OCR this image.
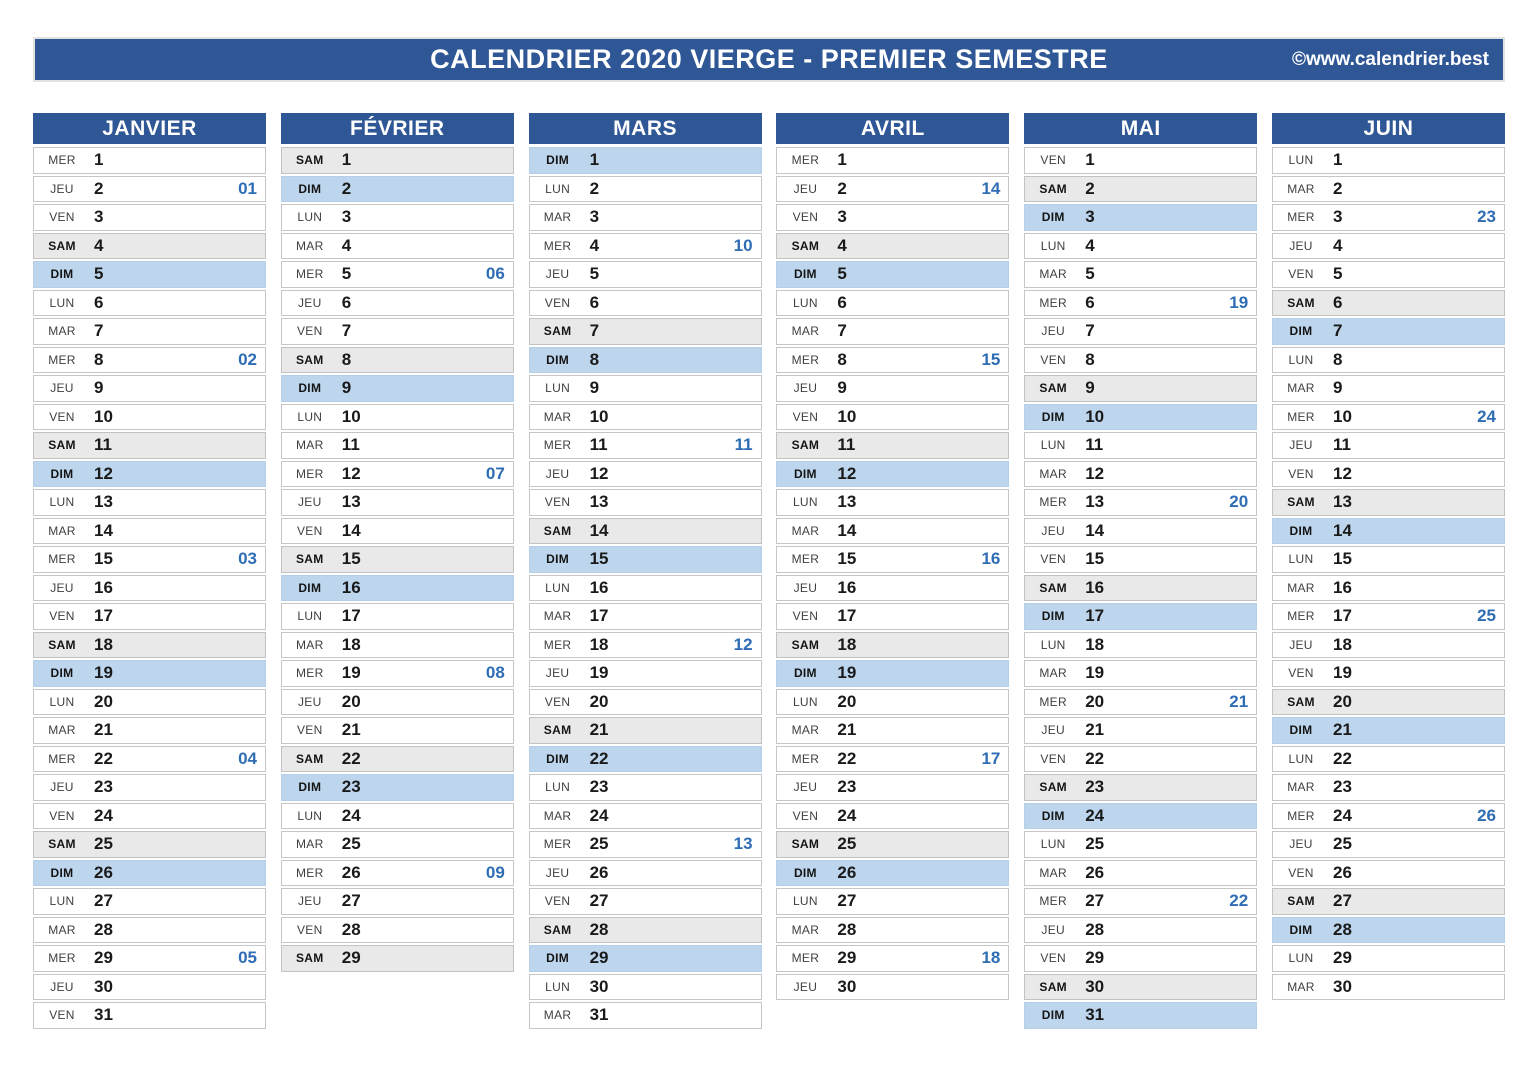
CALENDRIER 2020 VIERGE - PREMIER SEMESTRE	©www.calendrier.best
JANVIER
MER	1
JEU	2	01
VEN	3
SAM	4
DIM	5
LUN	6
MAR	7
MER	8	02
JEU	9
VEN	10
SAM	11
DIM	12
LUN	13
MAR	14
MER	15	03
JEU	16
VEN	17
SAM	18
DIM	19
LUN	20
MAR	21
MER	22	04
JEU	23
VEN	24
SAM	25
DIM	26
LUN	27
MAR	28
MER	29	05
JEU	30
VEN	31
FÉVRIER
SAM	1
DIM	2
LUN	3
MAR	4
MER	5	06
JEU	6
VEN	7
SAM	8
DIM	9
LUN	10
MAR	11
MER	12	07
JEU	13
VEN	14
SAM	15
DIM	16
LUN	17
MAR	18
MER	19	08
JEU	20
VEN	21
SAM	22
DIM	23
LUN	24
MAR	25
MER	26	09
JEU	27
VEN	28
SAM	29
MARS
DIM	1
LUN	2
MAR	3
MER	4	10
JEU	5
VEN	6
SAM	7
DIM	8
LUN	9
MAR	10
MER	11	11
JEU	12
VEN	13
SAM	14
DIM	15
LUN	16
MAR	17
MER	18	12
JEU	19
VEN	20
SAM	21
DIM	22
LUN	23
MAR	24
MER	25	13
JEU	26
VEN	27
SAM	28
DIM	29
LUN	30
MAR	31
AVRIL
MER	1
JEU	2	14
VEN	3
SAM	4
DIM	5
LUN	6
MAR	7
MER	8	15
JEU	9
VEN	10
SAM	11
DIM	12
LUN	13
MAR	14
MER	15	16
JEU	16
VEN	17
SAM	18
DIM	19
LUN	20
MAR	21
MER	22	17
JEU	23
VEN	24
SAM	25
DIM	26
LUN	27
MAR	28
MER	29	18
JEU	30
MAI
VEN	1
SAM	2
DIM	3
LUN	4
MAR	5
MER	6	19
JEU	7
VEN	8
SAM	9
DIM	10
LUN	11
MAR	12
MER	13	20
JEU	14
VEN	15
SAM	16
DIM	17
LUN	18
MAR	19
MER	20	21
JEU	21
VEN	22
SAM	23
DIM	24
LUN	25
MAR	26
MER	27	22
JEU	28
VEN	29
SAM	30
DIM	31
JUIN
LUN	1
MAR	2
MER	3	23
JEU	4
VEN	5
SAM	6
DIM	7
LUN	8
MAR	9
MER	10	24
JEU	11
VEN	12
SAM	13
DIM	14
LUN	15
MAR	16
MER	17	25
JEU	18
VEN	19
SAM	20
DIM	21
LUN	22
MAR	23
MER	24	26
JEU	25
VEN	26
SAM	27
DIM	28
LUN	29
MAR	30
